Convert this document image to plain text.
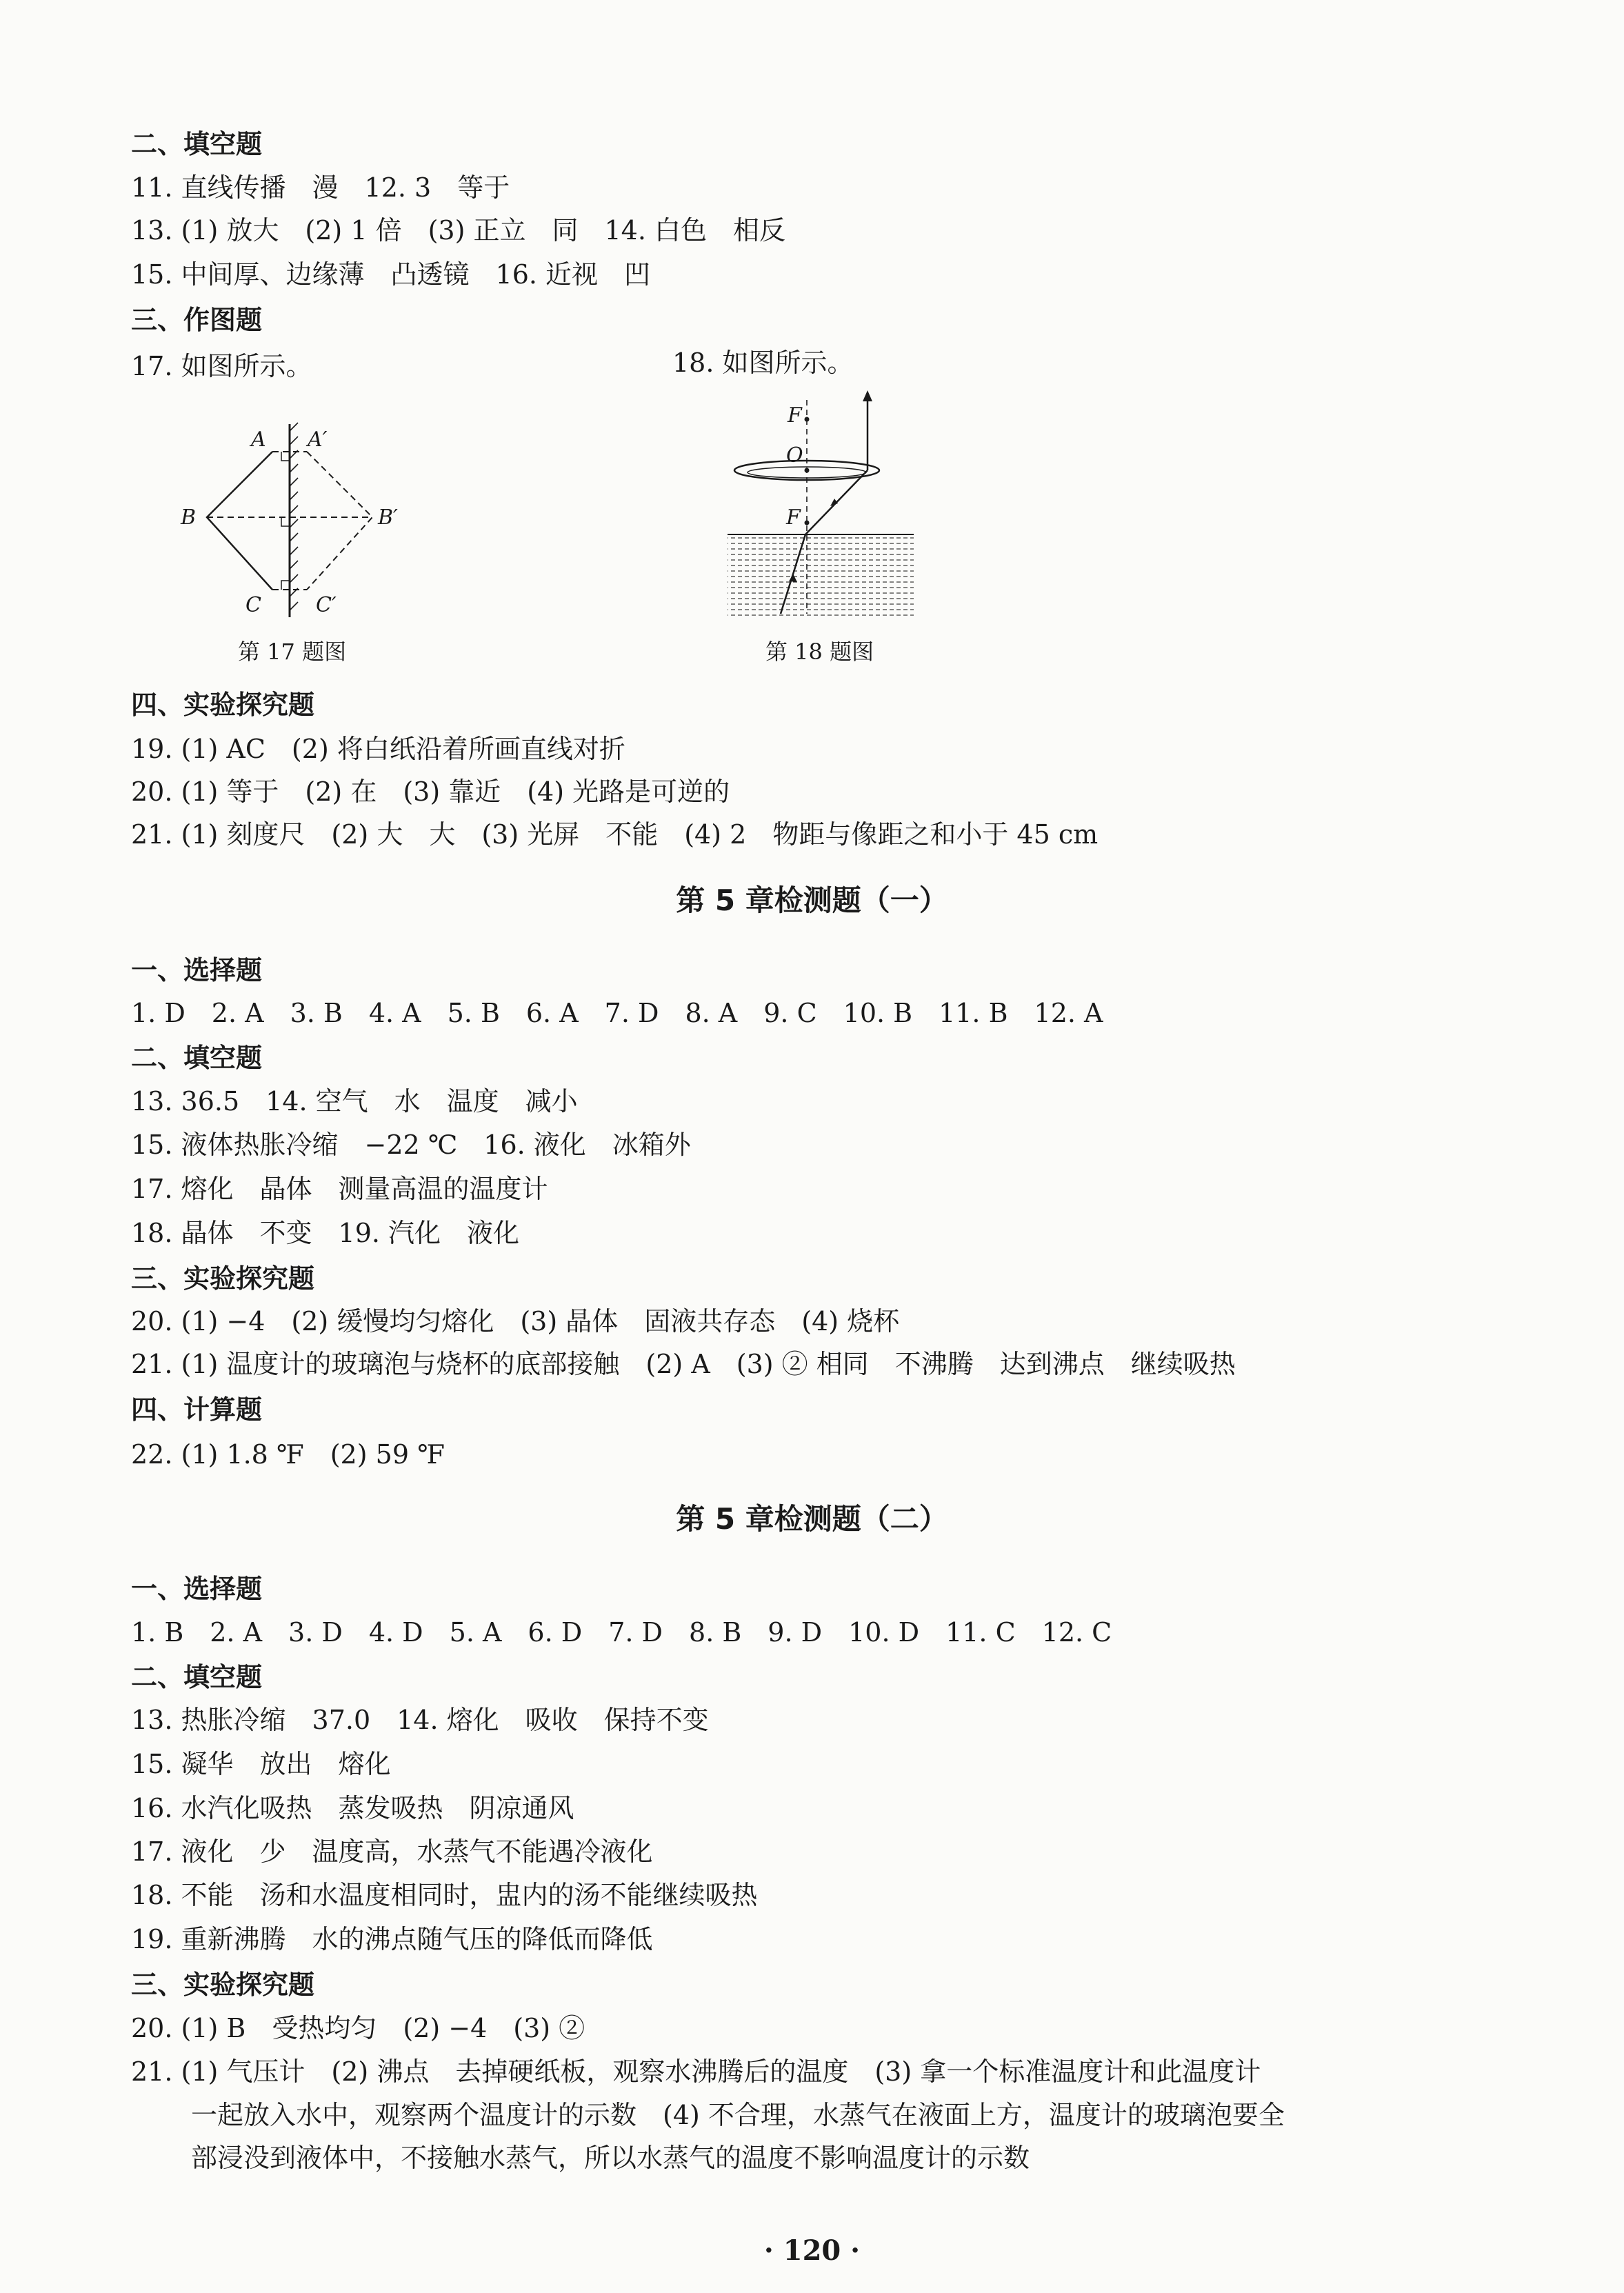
二、填空题
11. 直线传播　漫　12. 3　等于
13. (1) 放大　(2) 1 倍　(3) 正立　同　14. 白色　相反
15. 中间厚、边缘薄　凸透镜　16. 近视　凹
三、作图题
17. 如图所示。	18. 如图所示。
A A′
B	B′
C	C′
第 17 题图
F
O
F
第 18 题图
四、实验探究题
19. (1) AC　(2) 将白纸沿着所画直线对折
20. (1) 等于　(2) 在　(3) 靠近　(4) 光路是可逆的
21. (1) 刻度尺　(2) 大　大　(3) 光屏　不能　(4) 2　物距与像距之和小于 45 cm
第 5 章检测题（一）
一、选择题
1. D　2. A　3. B　4. A　5. B　6. A　7. D　8. A　9. C　10. B　11. B　12. A
二、填空题
13. 36.5　14. 空气　水　温度　减小
15. 液体热胀冷缩　−22 ℃　16. 液化　冰箱外
17. 熔化　晶体　测量高温的温度计
18. 晶体　不变　19. 汽化　液化
三、实验探究题
20. (1) −4　(2) 缓慢均匀熔化　(3) 晶体　固液共存态　(4) 烧杯
21. (1) 温度计的玻璃泡与烧杯的底部接触　(2) A　(3) ② 相同　不沸腾　达到沸点　继续吸热
四、计算题
22. (1) 1.8 ℉　(2) 59 ℉
第 5 章检测题（二）
一、选择题
1. B　2. A　3. D　4. D　5. A　6. D　7. D　8. B　9. D　10. D　11. C　12. C
二、填空题
13. 热胀冷缩　37.0　14. 熔化　吸收　保持不变
15. 凝华　放出　熔化
16. 水汽化吸热　蒸发吸热　阴凉通风
17. 液化　少　温度高，水蒸气不能遇冷液化
18. 不能　汤和水温度相同时，盅内的汤不能继续吸热
19. 重新沸腾　水的沸点随气压的降低而降低
三、实验探究题
20. (1) B　受热均匀　(2) −4　(3) ②
21. (1) 气压计　(2) 沸点　去掉硬纸板，观察水沸腾后的温度　(3) 拿一个标准温度计和此温度计
一起放入水中，观察两个温度计的示数　(4) 不合理，水蒸气在液面上方，温度计的玻璃泡要全
部浸没到液体中，不接触水蒸气，所以水蒸气的温度不影响温度计的示数
· 120 ·
